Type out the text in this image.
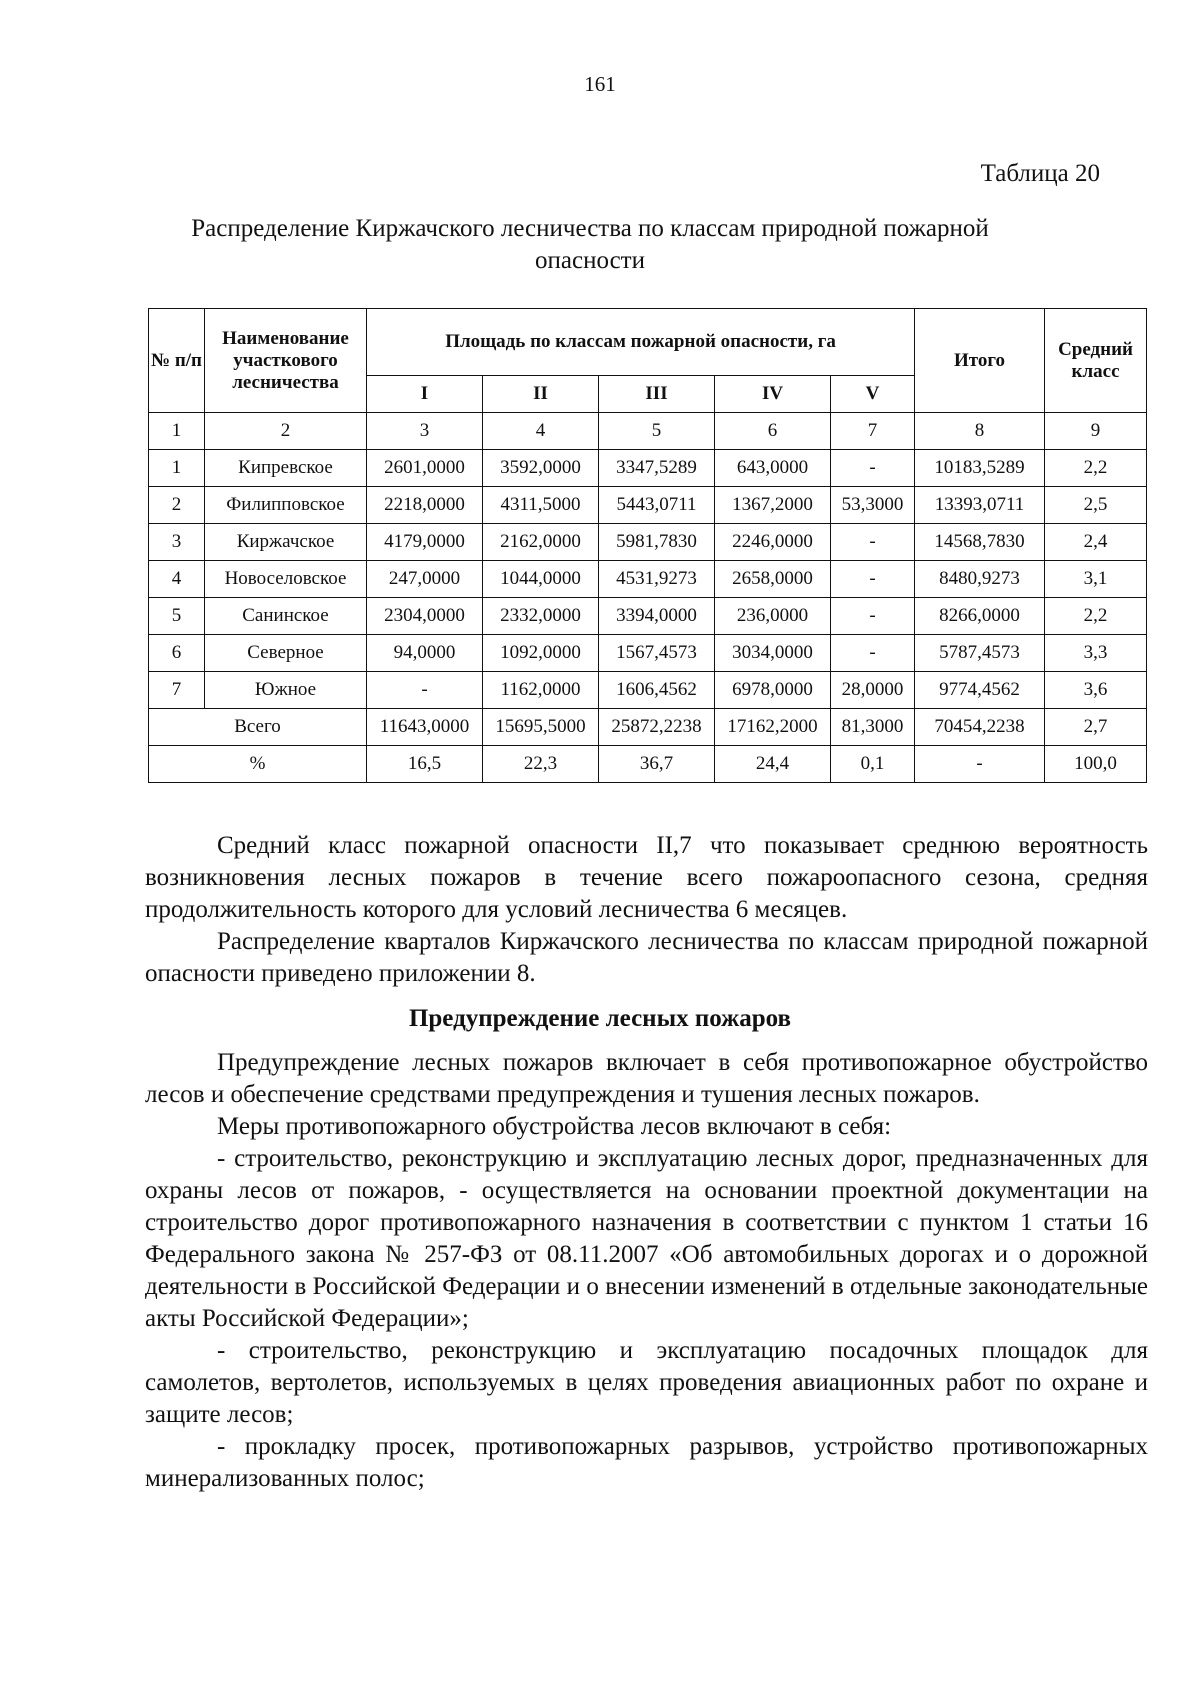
161
Таблица 20
Распределение Киржачского лесничества по классам природной пожарной опасности
№ п/п	Наименование участкового лесничества	Площадь по классам пожарной опасности, га					Итого	Средний класс
		I	II	III	IV	V		
1	2	3	4	5	6	7	8	9
1	Кипревское	2601,0000	3592,0000	3347,5289	643,0000	-	10183,5289	2,2
2	Филипповское	2218,0000	4311,5000	5443,0711	1367,2000	53,3000	13393,0711	2,5
3	Киржачское	4179,0000	2162,0000	5981,7830	2246,0000	-	14568,7830	2,4
4	Новоселовское	247,0000	1044,0000	4531,9273	2658,0000	-	8480,9273	3,1
5	Санинское	2304,0000	2332,0000	3394,0000	236,0000	-	8266,0000	2,2
6	Северное	94,0000	1092,0000	1567,4573	3034,0000	-	5787,4573	3,3
7	Южное	-	1162,0000	1606,4562	6978,0000	28,0000	9774,4562	3,6
Всего		11643,0000	15695,5000	25872,2238	17162,2000	81,3000	70454,2238	2,7
%		16,5	22,3	36,7	24,4	0,1	-	100,0

Средний класс пожарной опасности II,7 что показывает среднюю вероятность возникновения лесных пожаров в течение всего пожароопасного сезона, средняя продолжительность которого для условий лесничества 6 месяцев.

Распределение кварталов Киржачского лесничества по классам природной пожарной опасности приведено приложении 8.

Предупреждение лесных пожаров

Предупреждение лесных пожаров включает в себя противопожарное обустройство лесов и обеспечение средствами предупреждения и тушения лесных пожаров.

Меры противопожарного обустройства лесов включают в себя:

- строительство, реконструкцию и эксплуатацию лесных дорог, предназначенных для охраны лесов от пожаров, - осуществляется на основании проектной документации на строительство дорог противопожарного назначения в соответствии с пунктом 1 статьи 16 Федерального закона № 257-ФЗ от 08.11.2007 «Об автомобильных дорогах и о дорожной деятельности в Российской Федерации и о внесении изменений в отдельные законодательные акты Российской Федерации»;

- строительство, реконструкцию и эксплуатацию посадочных площадок для самолетов, вертолетов, используемых в целях проведения авиационных работ по охране и защите лесов;

- прокладку просек, противопожарных разрывов, устройство противопожарных минерализованных полос;
